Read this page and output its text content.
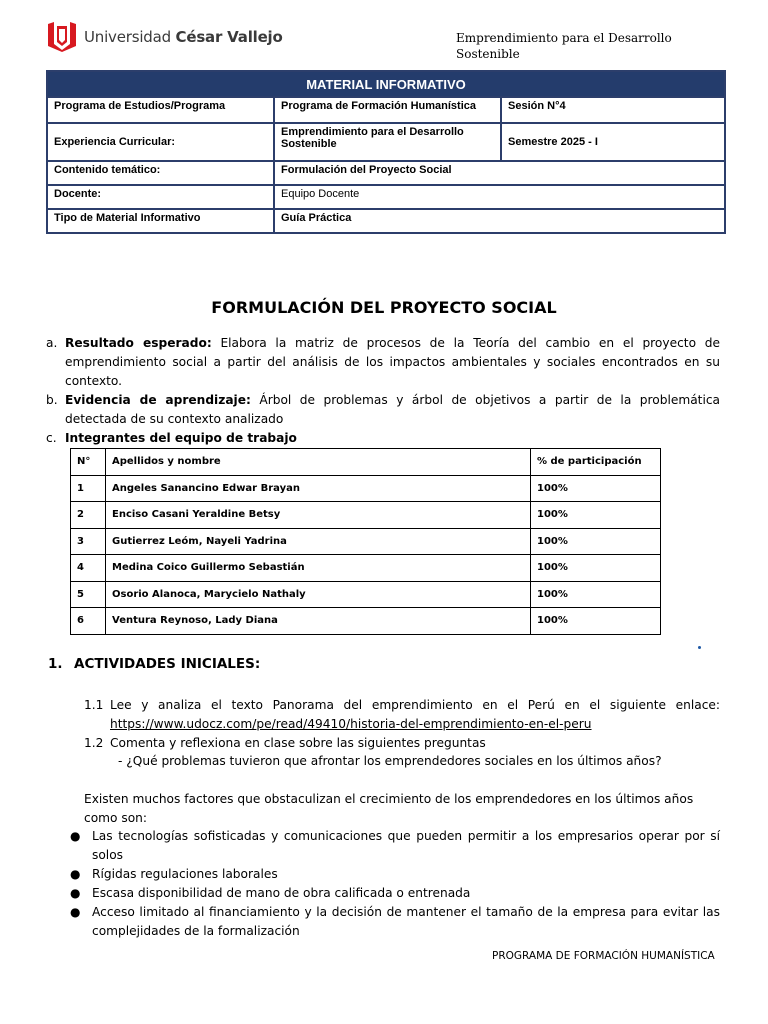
Universidad César Vallejo	Emprendimiento para el Desarrollo Sostenible
MATERIAL INFORMATIVO		
Programa de Estudios/Programa	Programa de Formación Humanística	Sesión N°4
Experiencia Curricular:	Emprendimiento para el Desarrollo Sostenible	Semestre 2025 - I
Contenido temático:	Formulación del Proyecto Social	
Docente:	Equipo Docente	
Tipo de Material Informativo	Guía Práctica	
FORMULACIÓN DEL PROYECTO SOCIAL
a. Resultado esperado: Elabora la matriz de procesos de la Teoría del cambio en el proyecto de emprendimiento social a partir del análisis de los impactos ambientales y sociales encontrados en su contexto.
b. Evidencia de aprendizaje: Árbol de problemas y árbol de objetivos a partir de la problemática detectada de su contexto analizado
c. Integrantes del equipo de trabajo
N°	Apellidos y nombre	% de participación
1	Angeles Sanancino Edwar Brayan	100%
2	Enciso Casani Yeraldine Betsy	100%
3	Gutierrez Leóm, Nayeli Yadrina	100%
4	Medina Coico Guillermo Sebastián	100%
5	Osorio Alanoca, Marycielo Nathaly	100%
6	Ventura Reynoso, Lady Diana	100%
1. ACTIVIDADES INICIALES:
1.1 Lee y analiza el texto Panorama del emprendimiento en el Perú en el siguiente enlace: https://www.udocz.com/pe/read/49410/historia-del-emprendimiento-en-el-peru
1.2 Comenta y reflexiona en clase sobre las siguientes preguntas
- ¿Qué problemas tuvieron que afrontar los emprendedores sociales en los últimos años?
Existen muchos factores que obstaculizan el crecimiento de los emprendedores en los últimos años como son:
● Las tecnologías sofisticadas y comunicaciones que pueden permitir a los empresarios operar por sí solos
● Rígidas regulaciones laborales
● Escasa disponibilidad de mano de obra calificada o entrenada
● Acceso limitado al financiamiento y la decisión de mantener el tamaño de la empresa para evitar las complejidades de la formalización
PROGRAMA DE FORMACIÓN HUMANÍSTICA
